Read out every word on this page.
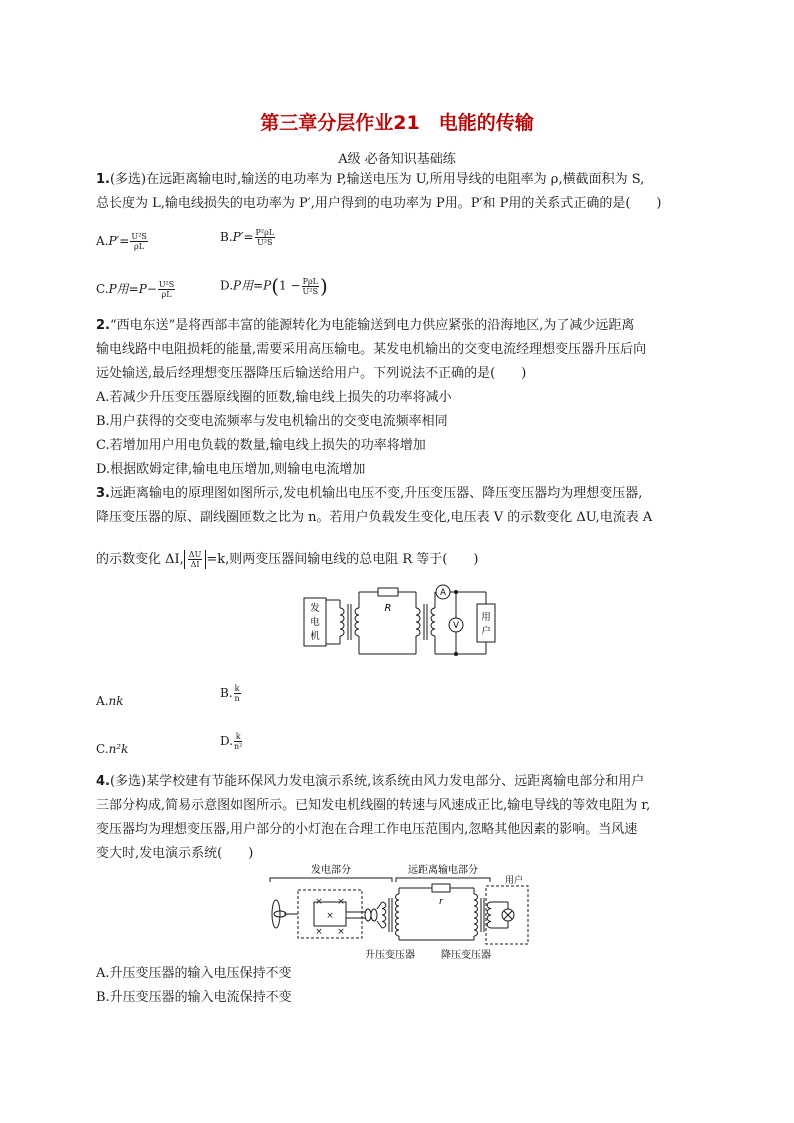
第三章分层作业21　电能的传输
A级 必备知识基础练
1.(多选)在远距离输电时,输送的电功率为 P,输送电压为 U,所用导线的电阻率为 ρ,横截面积为 S,
总长度为 L,输电线损失的电功率为 P′,用户得到的电功率为 P用。P′和 P用的关系式正确的是(　　)
$A.P'= \frac{\text{U²S}}{\rho L}$	$B.P'= \frac{\text{P²ρL}}{\text{U²S}}$
C.P用$=P- \frac{\text{U²S}}{\rho L}$	D.P用$=P(1 - \frac{\text{PρL}}{\text{U²S}}$ )
2.“西电东送”是将西部丰富的能源转化为电能输送到电力供应紧张的沿海地区,为了减少远距离
输电线路中电阻损耗的能量,需要采用高压输电。某发电机输出的交变电流经理想变压器升压后向
远处输送,最后经理想变压器降压后输送给用户。下列说法不正确的是(　　)
A.若减少升压变压器原线圈的匝数,输电线上损失的功率将减小
B.用户获得的交变电流频率与发电机输出的交变电流频率相同
C.若增加用户用电负载的数量,输电线上损失的功率将增加
D.根据欧姆定律,输电电压增加,则输电电流增加
3.远距离输电的原理图如图所示,发电机输出电压不变,升压变压器、降压变压器均为理想变压器,
降压变压器的原、副线圈匝数之比为 n。若用户负载发生变化,电压表 V 的示数变化 ΔU,电流表 A
的示数变化 ΔI, $\frac{\Delta U}{\Delta I} =k$,则两变压器间输电线的总电阻 R 等于(　　)
发
电
机
R
A
V
用
户
A.nk
B. $\frac{k}{n}$
C.n²k
D. $\frac{k}{\text{n²}}$
4.(多选)某学校建有节能环保风力发电演示系统,该系统由风力发电部分、远距离输电部分和用户
三部分构成,简易示意图如图所示。已知发电机线圈的转速与风速成正比,输电导线的等效电阻为 r,
变压器均为理想变压器,用户部分的小灯泡在合理工作电压范围内,忽略其他因素的影响。当风速
变大时,发电演示系统(　　)
× ×
×
× ×
发电部分	远距离输电部分
用户
r
升压变压器	降压变压器
A.升压变压器的输入电压保持不变
B.升压变压器的输入电流保持不变
